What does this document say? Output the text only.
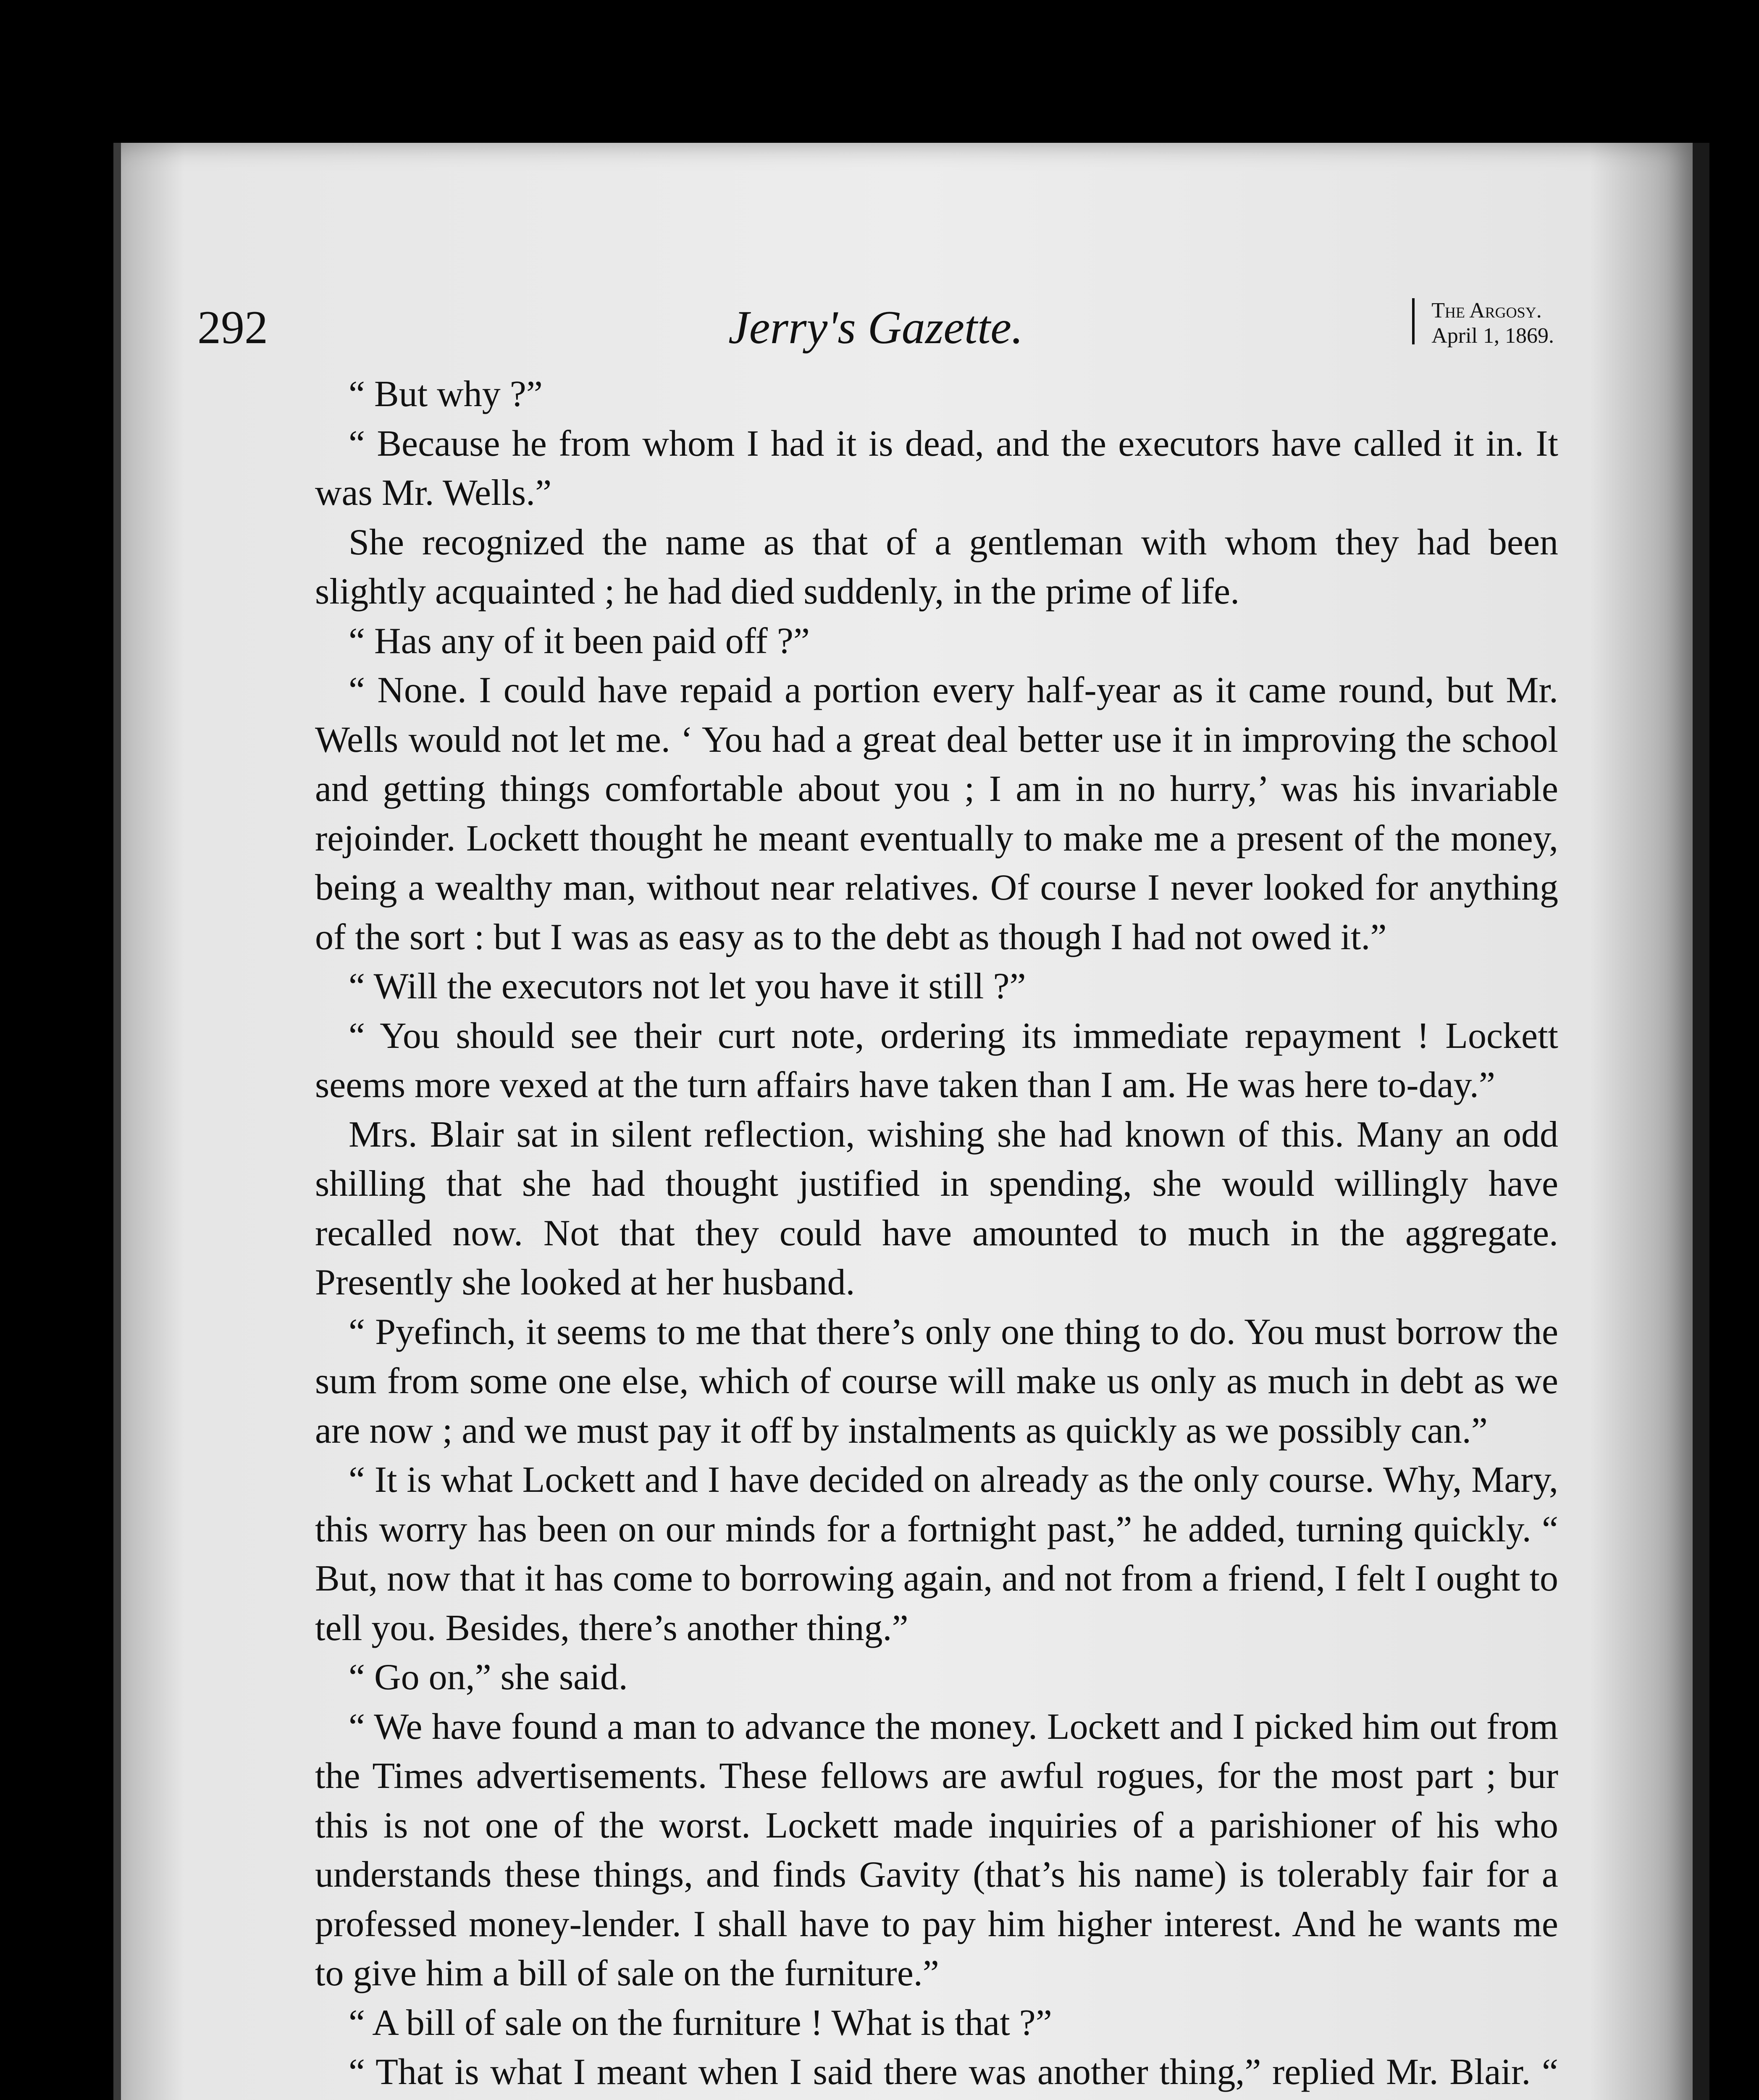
292	Jerry's Gazette.	The Argosy.
April 1, 1869.

“ But why ?”

“ Because he from whom I had it is dead, and the executors have called it in. It was Mr. Wells.”

She recognized the name as that of a gentleman with whom they had been slightly acquainted ; he had died suddenly, in the prime of life.

“ Has any of it been paid off ?”

“ None. I could have repaid a portion every half-year as it came round, but Mr. Wells would not let me. ‘ You had a great deal better use it in improving the school and getting things comfortable about you ; I am in no hurry,’ was his invariable rejoinder. Lockett thought he meant eventually to make me a present of the money, being a wealthy man, without near relatives. Of course I never looked for anything of the sort : but I was as easy as to the debt as though I had not owed it.”

“ Will the executors not let you have it still ?”

“ You should see their curt note, ordering its immediate repayment ! Lockett seems more vexed at the turn affairs have taken than I am. He was here to-day.”

Mrs. Blair sat in silent reflection, wishing she had known of this. Many an odd shilling that she had thought justified in spending, she would willingly have recalled now. Not that they could have amounted to much in the aggregate. Presently she looked at her husband.

“ Pyefinch, it seems to me that there’s only one thing to do. You must borrow the sum from some one else, which of course will make us only as much in debt as we are now ; and we must pay it off by instalments as quickly as we possibly can.”

“ It is what Lockett and I have decided on already as the only course. Why, Mary, this worry has been on our minds for a fortnight past,” he added, turning quickly. “ But, now that it has come to borrowing again, and not from a friend, I felt I ought to tell you. Besides, there’s another thing.”

“ Go on,” she said.

“ We have found a man to advance the money. Lockett and I picked him out from the Times advertisements. These fellows are awful rogues, for the most part ; bur this is not one of the worst. Lockett made inquiries of a parishioner of his who understands these things, and finds Gavity (that’s his name) is tolerably fair for a professed money-lender. I shall have to pay him higher interest. And he wants me to give him a bill of sale on the furniture.”

“ A bill of sale on the furniture ! What is that ?”

“ That is what I meant when I said there was another thing,” replied Mr. Blair. “
